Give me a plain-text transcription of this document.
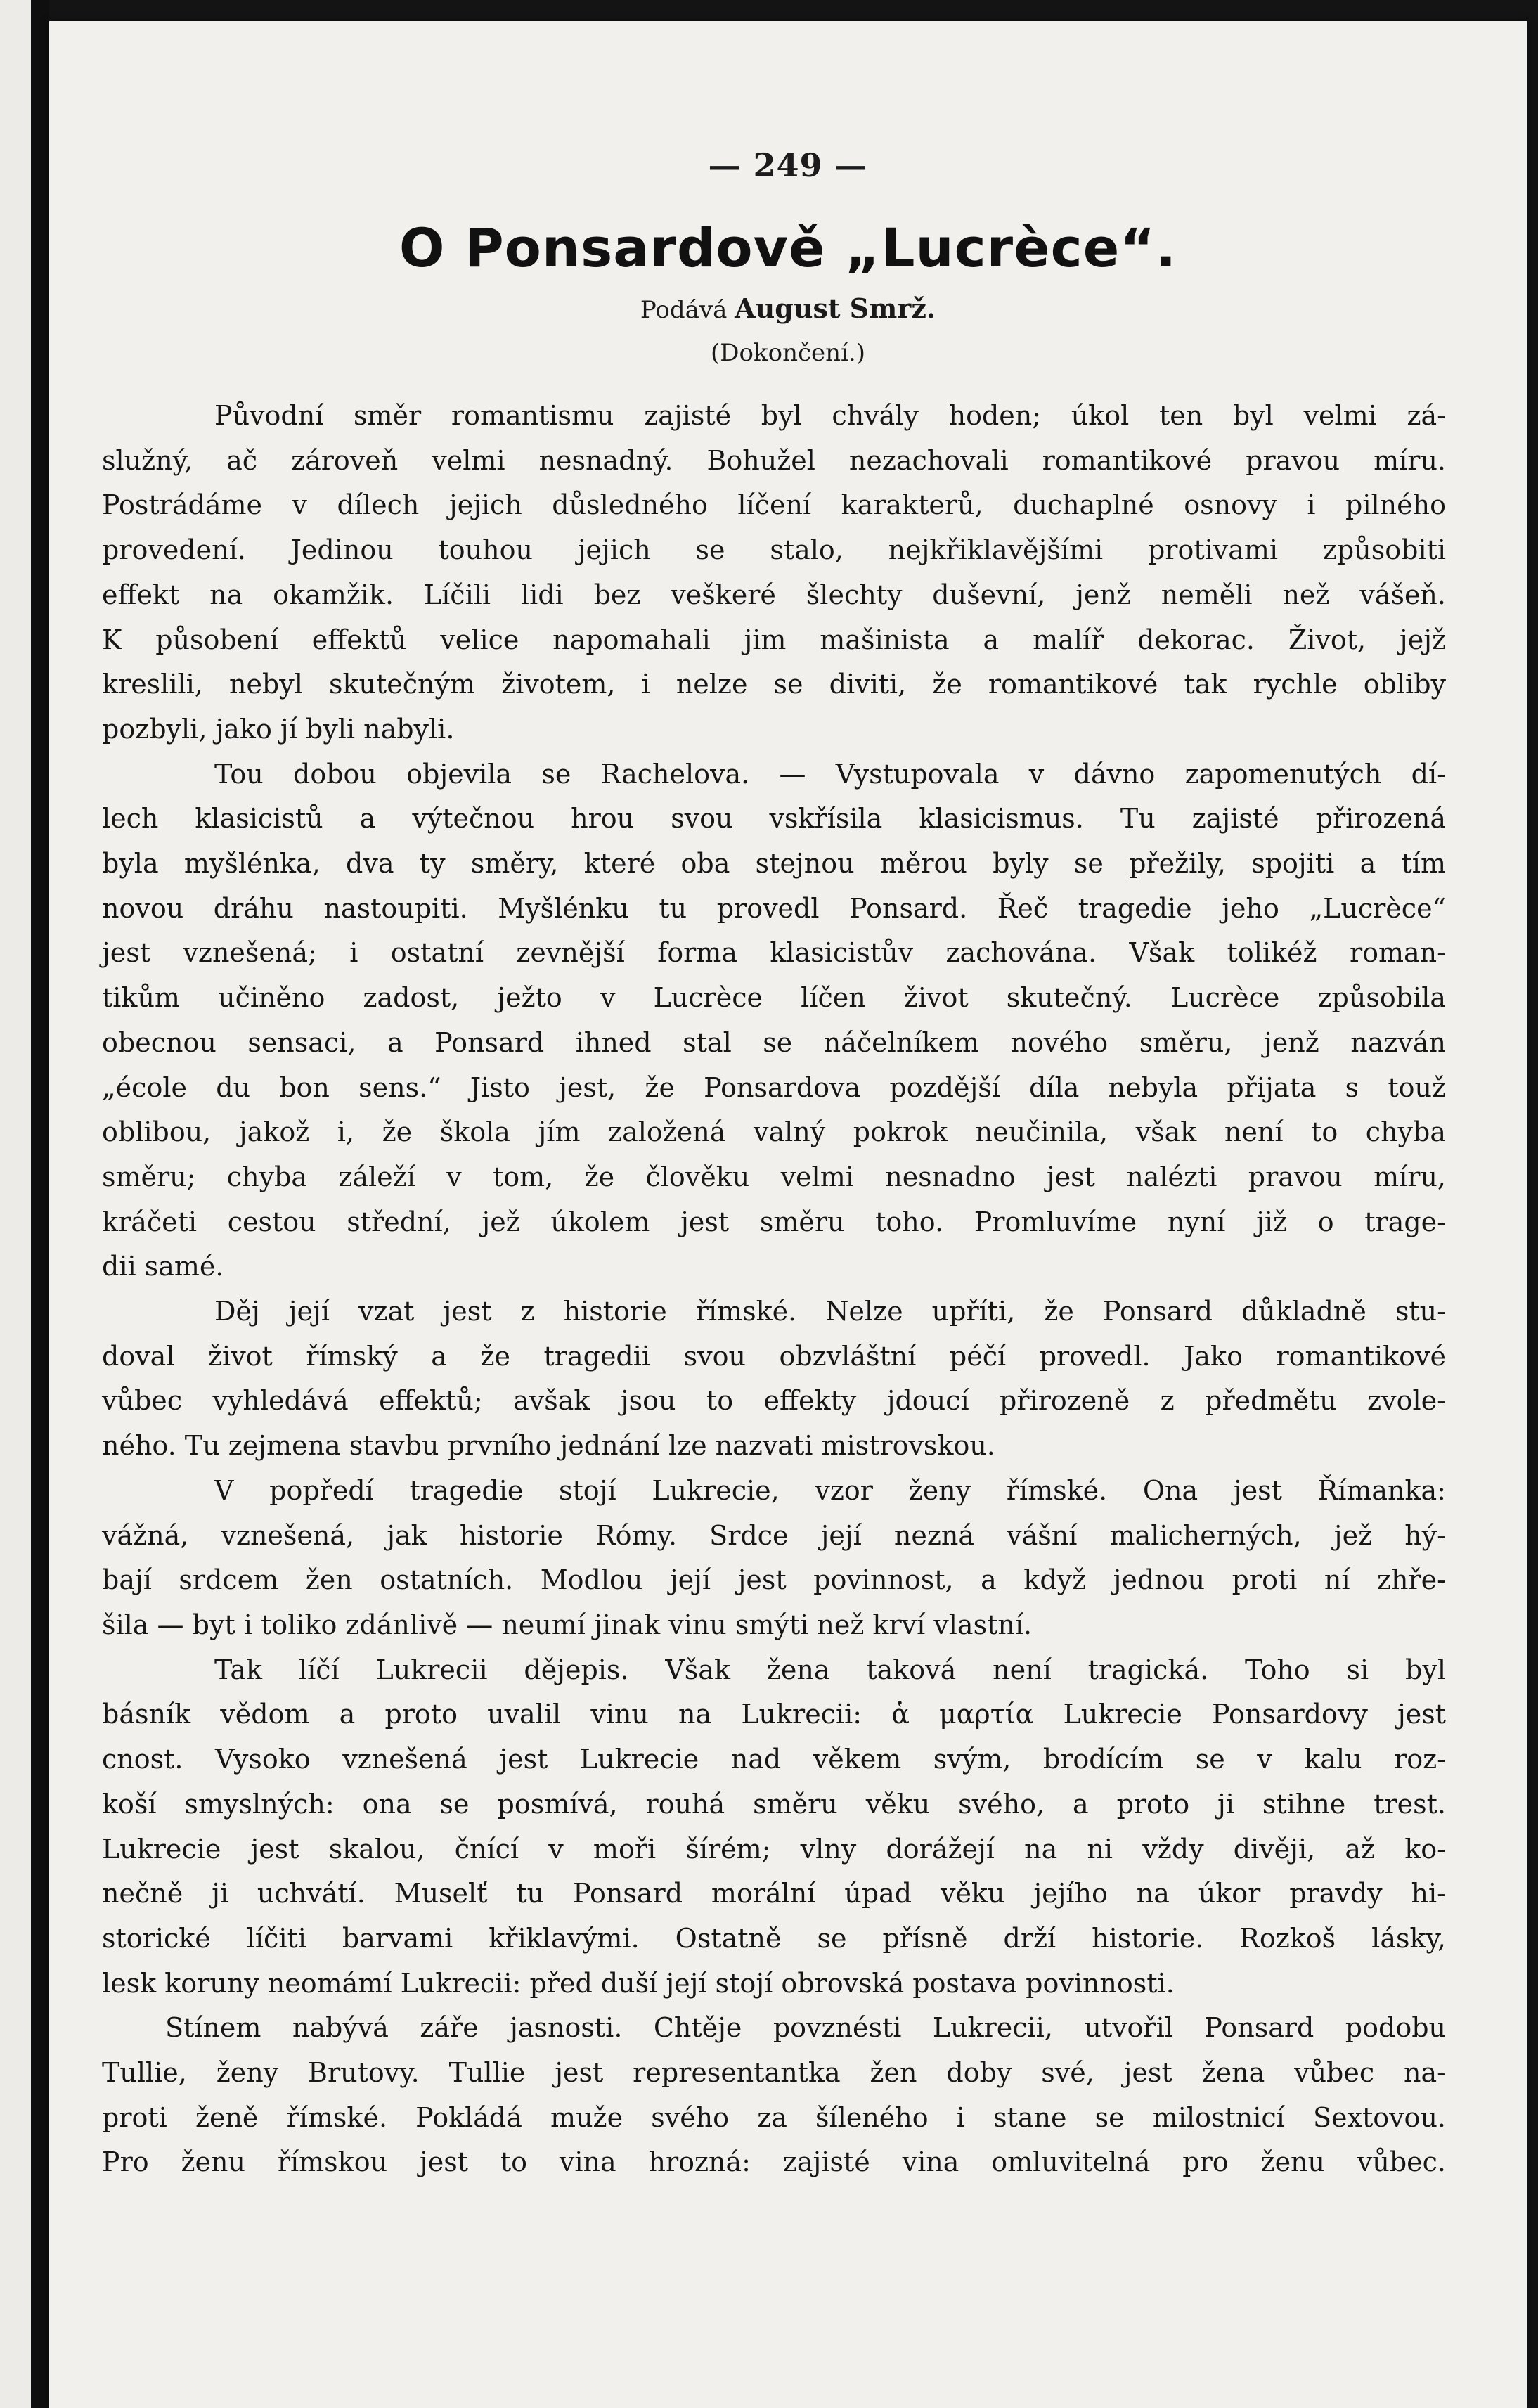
— 249 —
O Ponsardově „Lucrèce“.
Podává August Smrž.
(Dokončení.)

Původní směr romantismu zajisté byl chvály hoden; úkol ten byl velmi zá-

služný, ač zároveň velmi nesnadný. Bohužel nezachovali romantikové pravou míru.

Postrádáme v dílech jejich důsledného líčení karakterů, duchaplné osnovy i pilného

provedení. Jedinou touhou jejich se stalo, nejkřiklavějšími protivami způsobiti

effekt na okamžik. Líčili lidi bez veškeré šlechty duševní, jenž neměli než vášeň.

K působení effektů velice napomahali jim mašinista a malíř dekorac. Život, jejž

kreslili, nebyl skutečným životem, i nelze se diviti, že romantikové tak rychle obliby

pozbyli, jako jí byli nabyli.

Tou dobou objevila se Rachelova. — Vystupovala v dávno zapomenutých dí-

lech klasicistů a výtečnou hrou svou vskřísila klasicismus. Tu zajisté přirozená

byla myšlénka, dva ty směry, které oba stejnou měrou byly se přežily, spojiti a tím

novou dráhu nastoupiti. Myšlénku tu provedl Ponsard. Řeč tragedie jeho „Lucrèce“

jest vznešená; i ostatní zevnější forma klasicistův zachována. Však tolikéž roman-

tikům učiněno zadost, ježto v Lucrèce líčen život skutečný. Lucrèce způsobila

obecnou sensaci, a Ponsard ihned stal se náčelníkem nového směru, jenž nazván

„école du bon sens.“ Jisto jest, že Ponsardova pozdější díla nebyla přijata s touž

oblibou, jakož i, že škola jím založená valný pokrok neučinila, však není to chyba

směru; chyba záleží v tom, že člověku velmi nesnadno jest nalézti pravou míru,

kráčeti cestou střední, jež úkolem jest směru toho. Promluvíme nyní již o trage-

dii samé.

Děj její vzat jest z historie římské. Nelze upříti, že Ponsard důkladně stu-

doval život římský a že tragedii svou obzvláštní péčí provedl. Jako romantikové

vůbec vyhledává effektů; avšak jsou to effekty jdoucí přirozeně z předmětu zvole-

ného. Tu zejmena stavbu prvního jednání lze nazvati mistrovskou.

V popředí tragedie stojí Lukrecie, vzor ženy římské. Ona jest Římanka:

vážná, vznešená, jak historie Rómy. Srdce její nezná vášní malicherných, jež hý-

bají srdcem žen ostatních. Modlou její jest povinnost, a když jednou proti ní zhře-

šila — byt i toliko zdánlivě — neumí jinak vinu smýti než krví vlastní.

Tak líčí Lukrecii dějepis. Však žena taková není tragická. Toho si byl

básník vědom a proto uvalil vinu na Lukrecii: ἁ μαρτία Lukrecie Ponsardovy jest

cnost. Vysoko vznešená jest Lukrecie nad věkem svým, brodícím se v kalu roz-

koší smyslných: ona se posmívá, rouhá směru věku svého, a proto ji stihne trest.

Lukrecie jest skalou, čnící v moři šírém; vlny dorážejí na ni vždy divěji, až ko-

nečně ji uchvátí. Muselť tu Ponsard morální úpad věku jejího na úkor pravdy hi-

storické líčiti barvami křiklavými. Ostatně se přísně drží historie. Rozkoš lásky,

lesk koruny neomámí Lukrecii: před duší její stojí obrovská postava povinnosti.

Stínem nabývá záře jasnosti. Chtěje povznésti Lukrecii, utvořil Ponsard podobu

Tullie, ženy Brutovy. Tullie jest representantka žen doby své, jest žena vůbec na-

proti ženě římské. Pokládá muže svého za šíleného i stane se milostnicí Sextovou.

Pro ženu římskou jest to vina hrozná: zajisté vina omluvitelná pro ženu vůbec.
